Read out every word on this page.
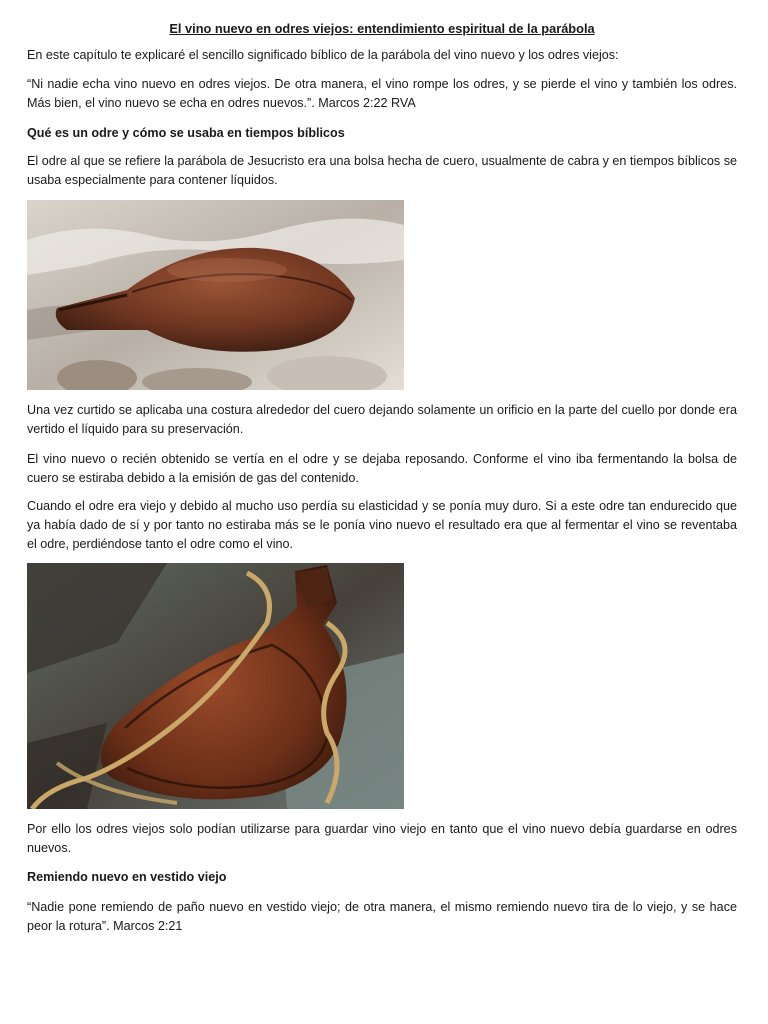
El vino nuevo en odres viejos: entendimiento espiritual de la parábola

En este capítulo te explicaré el sencillo significado bíblico de la parábola del vino nuevo y los odres viejos:

“Ni nadie echa vino nuevo en odres viejos. De otra manera, el vino rompe los odres, y se pierde el vino y también los odres. Más bien, el vino nuevo se echa en odres nuevos.”. Marcos 2:22 RVA

Qué es un odre y cómo se usaba en tiempos bíblicos

El odre al que se refiere la parábola de Jesucristo era una bolsa hecha de cuero, usualmente de cabra y en tiempos bíblicos se usaba especialmente para contener líquidos.

Una vez curtido se aplicaba una costura alrededor del cuero dejando solamente un orificio en la parte del cuello por donde era vertido el líquido para su preservación.

El vino nuevo o recién obtenido se vertía en el odre y se dejaba reposando. Conforme el vino iba fermentando la bolsa de cuero se estiraba debido a la emisión de gas del contenido.

Cuando el odre era viejo y debido al mucho uso perdía su elasticidad y se ponía muy duro. Si a este odre tan endurecido que ya había dado de sí y por tanto no estiraba más se le ponía vino nuevo el resultado era que al fermentar el vino se reventaba el odre, perdiéndose tanto el odre como el vino.

Por ello los odres viejos solo podían utilizarse para guardar vino viejo en tanto que el vino nuevo debía guardarse en odres nuevos.

Remiendo nuevo en vestido viejo

“Nadie pone remiendo de paño nuevo en vestido viejo; de otra manera, el mismo remiendo nuevo tira de lo viejo, y se hace peor la rotura”. Marcos 2:21
